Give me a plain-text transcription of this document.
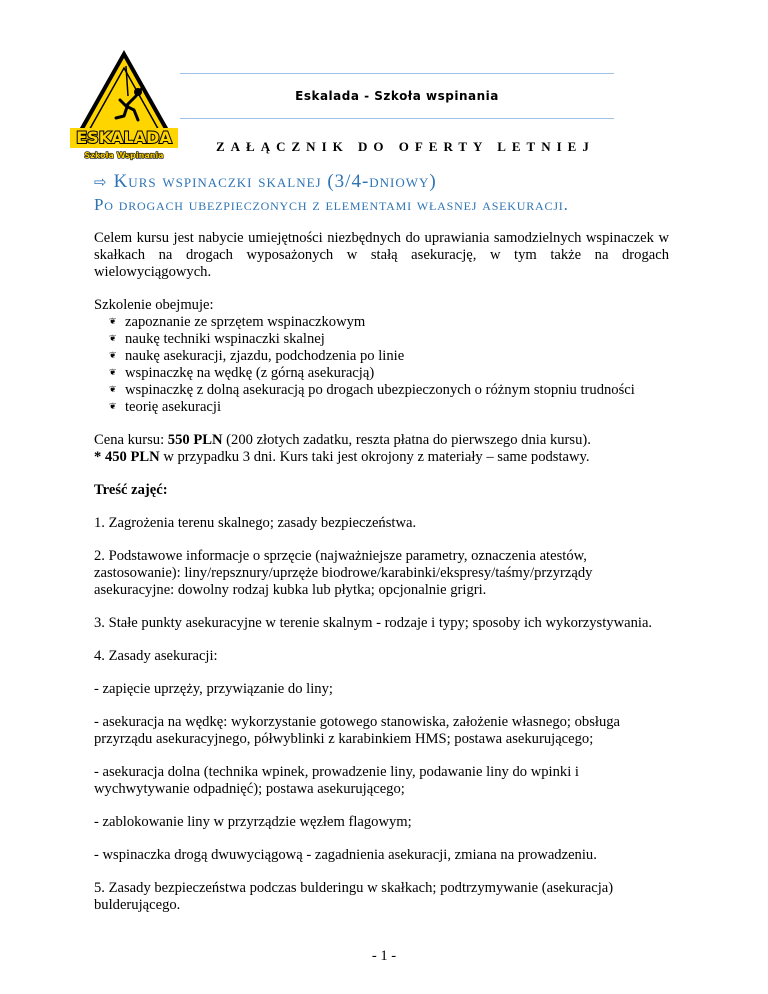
ESKALADA
Szkoła Wspinania
Eskalada - Szkoła wspinania
ZAŁĄCZNIK DO OFERTY LETNIEJ
⇨ Kurs wspinaczki skalnej (3/4-dniowy)
Po drogach ubezpieczonych z elementami własnej asekuracji.

Celem kursu jest nabycie umiejętności niezbędnych do uprawiania samodzielnych wspinaczek w skałkach na drogach wyposażonych w stałą asekurację, w tym także na drogach wielowyciągowych.

Szkolenie obejmuje:
❦ zapoznanie ze sprzętem wspinaczkowym
❦ naukę techniki wspinaczki skalnej
❦ naukę asekuracji, zjazdu, podchodzenia po linie
❦ wspinaczkę na wędkę (z górną asekuracją)
❦ wspinaczkę z dolną asekuracją po drogach ubezpieczonych o różnym stopniu trudności
❦ teorię asekuracji

Cena kursu: 550 PLN (200 złotych zadatku, reszta płatna do pierwszego dnia kursu).
* 450 PLN w przypadku 3 dni. Kurs taki jest okrojony z materiały – same podstawy.

Treść zajęć:

1. Zagrożenia terenu skalnego; zasady bezpieczeństwa.

2. Podstawowe informacje o sprzęcie (najważniejsze parametry, oznaczenia atestów, zastosowanie): liny/repsznury/uprzęże biodrowe/karabinki/ekspresy/taśmy/przyrządy asekuracyjne: dowolny rodzaj kubka lub płytka; opcjonalnie grigri.

3. Stałe punkty asekuracyjne w terenie skalnym - rodzaje i typy; sposoby ich wykorzystywania.

4. Zasady asekuracji:

- zapięcie uprzęży, przywiązanie do liny;

- asekuracja na wędkę: wykorzystanie gotowego stanowiska, założenie własnego; obsługa przyrządu asekuracyjnego, półwyblinki z karabinkiem HMS; postawa asekurującego;

- asekuracja dolna (technika wpinek, prowadzenie liny, podawanie liny do wpinki i wychwytywanie odpadnięć); postawa asekurującego;

- zablokowanie liny w przyrządzie węzłem flagowym;

- wspinaczka drogą dwuwyciągową - zagadnienia asekuracji, zmiana na prowadzeniu.

5. Zasady bezpieczeństwa podczas bulderingu w skałkach; podtrzymywanie (asekuracja) bulderującego.

- 1 -
